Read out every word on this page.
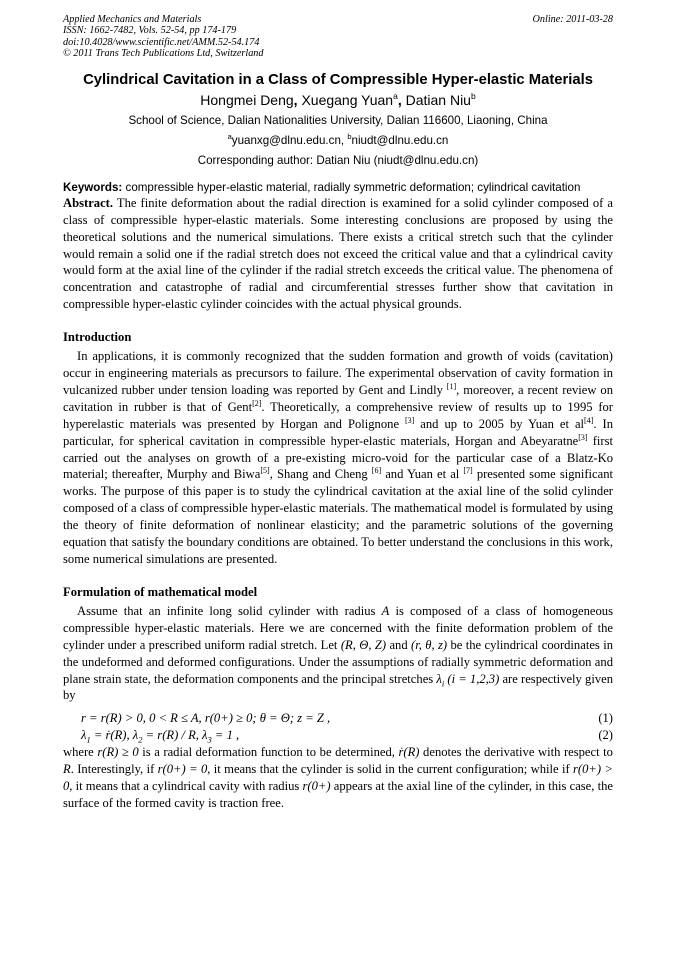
Applied Mechanics and Materials
ISSN: 1662-7482, Vols. 52-54, pp 174-179
doi:10.4028/www.scientific.net/AMM.52-54.174
© 2011 Trans Tech Publications Ltd, Switzerland
Online: 2011-03-28
Cylindrical Cavitation in a Class of Compressible Hyper-elastic Materials
Hongmei Deng, Xuegang Yuan$^a$, Datian Niu$^b$
School of Science, Dalian Nationalities University, Dalian 116600, Liaoning, China
$^a$yuanxg@dlnu.edu.cn, $^b$niudt@dlnu.edu.cn
Corresponding author: Datian Niu (niudt@dlnu.edu.cn)
Keywords: compressible hyper-elastic material, radially symmetric deformation; cylindrical cavitation

Abstract. The finite deformation about the radial direction is examined for a solid cylinder composed of a class of compressible hyper-elastic materials. Some interesting conclusions are proposed by using the theoretical solutions and the numerical simulations. There exists a critical stretch such that the cylinder would remain a solid one if the radial stretch does not exceed the critical value and that a cylindrical cavity would form at the axial line of the cylinder if the radial stretch exceeds the critical value. The phenomena of concentration and catastrophe of radial and circumferential stresses further show that cavitation in compressible hyper-elastic cylinder coincides with the actual physical grounds.

Introduction

In applications, it is commonly recognized that the sudden formation and growth of voids (cavitation) occur in engineering materials as precursors to failure. The experimental observation of cavity formation in vulcanized rubber under tension loading was reported by Gent and Lindly [1], moreover, a recent review on cavitation in rubber is that of Gent[2]. Theoretically, a comprehensive review of results up to 1995 for hyperelastic materials was presented by Horgan and Polignone [3] and up to 2005 by Yuan et al[4]. In particular, for spherical cavitation in compressible hyper-elastic materials, Horgan and Abeyaratne[3] first carried out the analyses on growth of a pre-existing micro-void for the particular case of a Blatz-Ko material; thereafter, Murphy and Biwa[5], Shang and Cheng [6] and Yuan et al [7] presented some significant works. The purpose of this paper is to study the cylindrical cavitation at the axial line of the solid cylinder composed of a class of compressible hyper-elastic materials. The mathematical model is formulated by using the theory of finite deformation of nonlinear elasticity; and the parametric solutions of the governing equation that satisfy the boundary conditions are obtained. To better understand the conclusions in this work, some numerical simulations are presented.

Formulation of mathematical model

Assume that an infinite long solid cylinder with radius A is composed of a class of homogeneous compressible hyper-elastic materials. Here we are concerned with the finite deformation problem of the cylinder under a prescribed uniform radial stretch. Let (R, Θ, Z) and (r, θ, z) be the cylindrical coordinates in the undeformed and deformed configurations. Under the assumptions of radially symmetric deformation and plane strain state, the deformation components and the principal stretches $\lambda_i$ (i = 1,2,3) are respectively given by

r = r(R) > 0, 0 < R ≤ A, r(0+) ≥ 0; θ = Θ; z = Z ,	(1)
$\lambda_1$ = ṙ(R), $\lambda_2 = r(R) / R$, $\lambda_3 = 1$ ,	(2)

where r(R) ≥ 0 is a radial deformation function to be determined, ṙ(R) denotes the derivative with respect to R. Interestingly, if r(0+) = 0, it means that the cylinder is solid in the current configuration; while if r(0+) > 0, it means that a cylindrical cavity with radius r(0+) appears at the axial line of the cylinder, in this case, the surface of the formed cavity is traction free.
